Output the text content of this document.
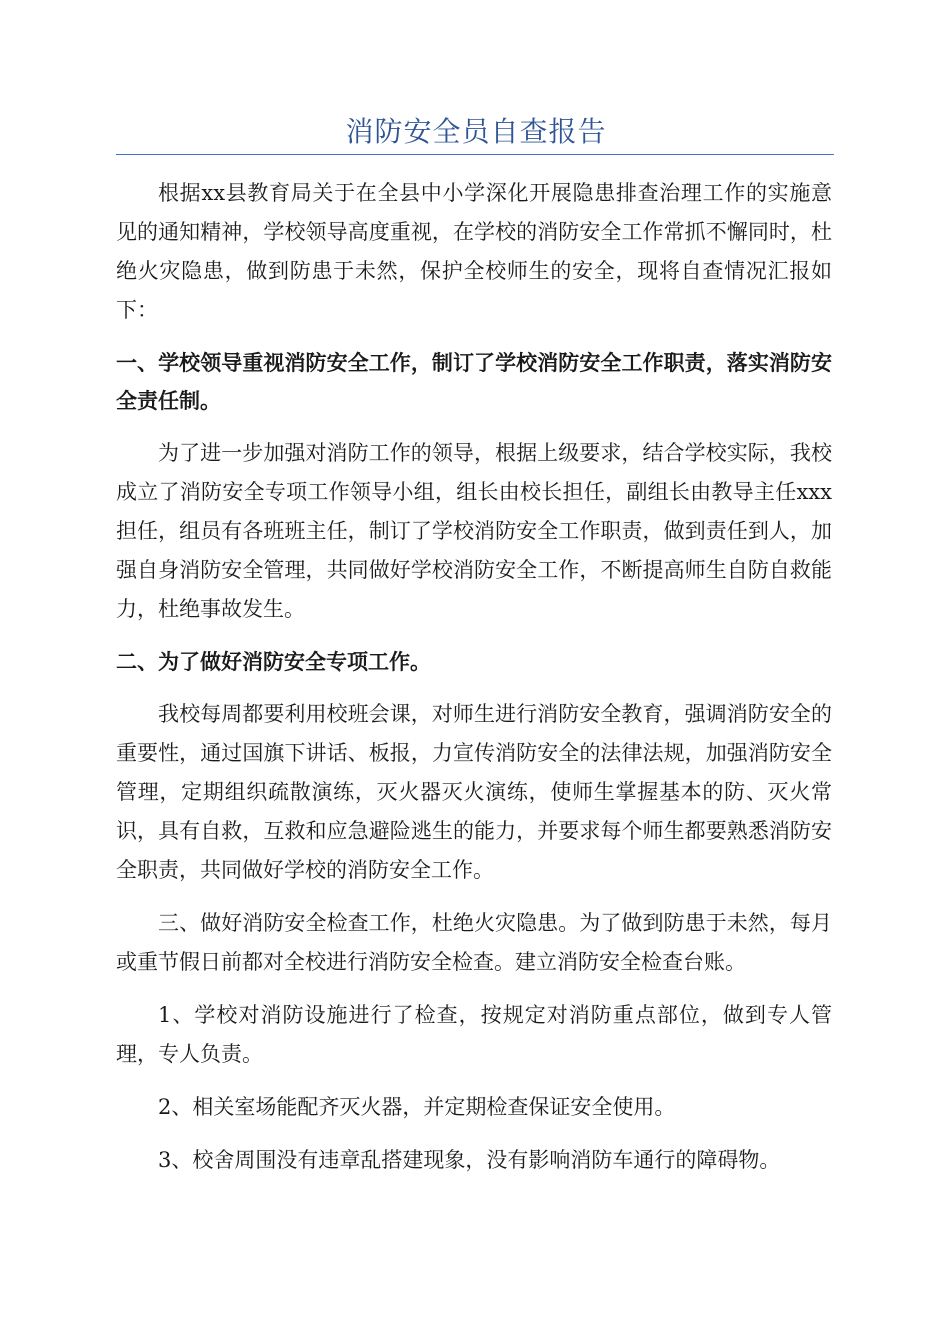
消防安全员自查报告

根据xx县教育局关于在全县中小学深化开展隐患排查治理工作的实施意见的通知精神，学校领导高度重视，在学校的消防安全工作常抓不懈同时，杜绝火灾隐患，做到防患于未然，保护全校师生的安全，现将自查情况汇报如下：

一、学校领导重视消防安全工作，制订了学校消防安全工作职责，落实消防安全责任制。

为了进一步加强对消防工作的领导，根据上级要求，结合学校实际，我校成立了消防安全专项工作领导小组，组长由校长担任，副组长由教导主任xxx担任，组员有各班班主任，制订了学校消防安全工作职责，做到责任到人，加强自身消防安全管理，共同做好学校消防安全工作，不断提高师生自防自救能力，杜绝事故发生。

二、为了做好消防安全专项工作。

我校每周都要利用校班会课，对师生进行消防安全教育，强调消防安全的重要性，通过国旗下讲话、板报，力宣传消防安全的法律法规，加强消防安全管理，定期组织疏散演练，灭火器灭火演练，使师生掌握基本的防、灭火常识，具有自救，互救和应急避险逃生的能力，并要求每个师生都要熟悉消防安全职责，共同做好学校的消防安全工作。

三、做好消防安全检查工作，杜绝火灾隐患。为了做到防患于未然，每月或重节假日前都对全校进行消防安全检查。建立消防安全检查台账。

1、学校对消防设施进行了检查，按规定对消防重点部位，做到专人管理，专人负责。

2、相关室场能配齐灭火器，并定期检查保证安全使用。

3、校舍周围没有违章乱搭建现象，没有影响消防车通行的障碍物。
